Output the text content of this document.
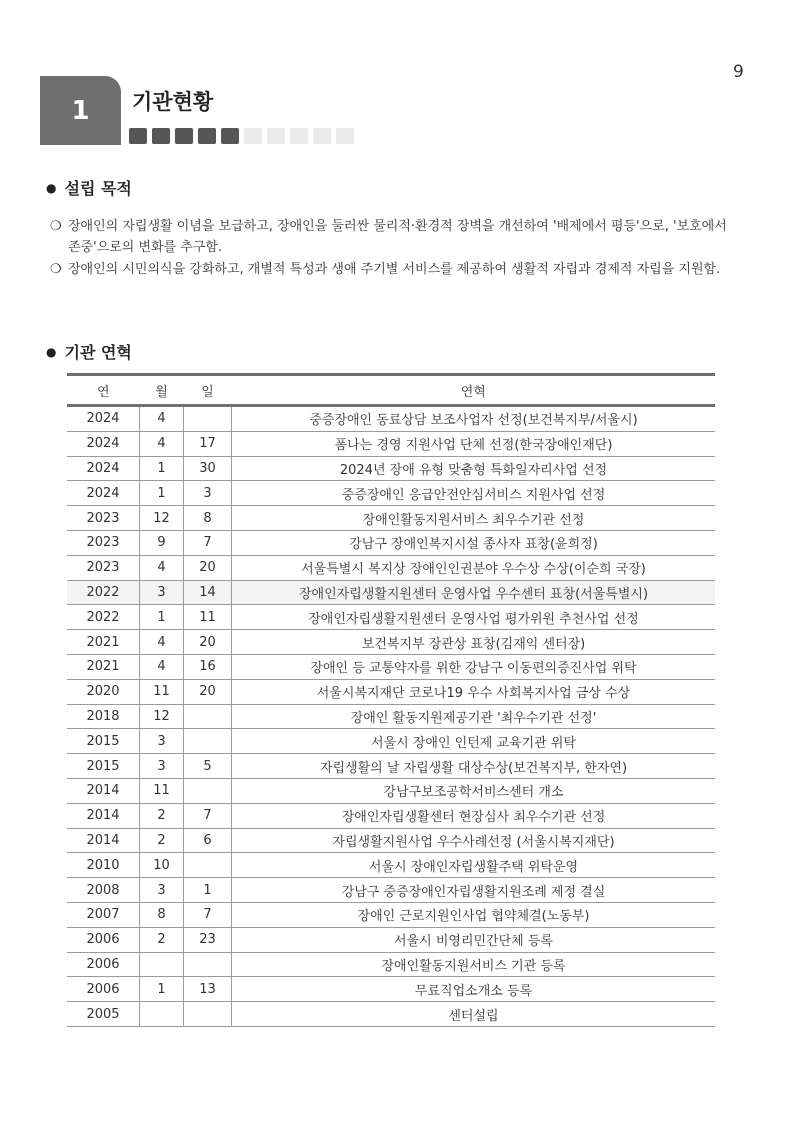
9
1	기관현황
● 설립 목적
❍ 장애인의 자립생활 이념을 보급하고, 장애인을 둘러싼 물리적·환경적 장벽을 개선하여 '배제에서 평등'으로, '보호에서 존중'으로의 변화를 추구함.
❍ 장애인의 시민의식을 강화하고, 개별적 특성과 생애 주기별 서비스를 제공하여 생활적 자립과 경제적 자립을 지원함.
● 기관 연혁
연	월	일	연혁
2024	4		중증장애인 동료상담 보조사업자 선정(보건복지부/서울시)
2024	4	17	폼나는 경영 지원사업 단체 선정(한국장애인재단)
2024	1	30	2024년 장애 유형 맞춤형 특화일자리사업 선정
2024	1	3	중증장애인 응급안전안심서비스 지원사업 선정
2023	12	8	장애인활동지원서비스 최우수기관 선정
2023	9	7	강남구 장애인복지시설 종사자 표창(윤희정)
2023	4	20	서울특별시 복지상 장애인인권분야 우수상 수상(이순희 국장)
2022	3	14	장애인자립생활지원센터 운영사업 우수센터 표창(서울특별시)
2022	1	11	장애인자립생활지원센터 운영사업 평가위원 추천사업 선정
2021	4	20	보건복지부 장관상 표창(김재익 센터장)
2021	4	16	장애인 등 교통약자를 위한 강남구 이동편의증진사업 위탁
2020	11	20	서울시복지재단 코로나19 우수 사회복지사업 금상 수상
2018	12		장애인 활동지원제공기관 '최우수기관 선정'
2015	3		서울시 장애인 인턴제 교육기관 위탁
2015	3	5	자립생활의 날 자립생활 대상수상(보건복지부, 한자연)
2014	11		강남구보조공학서비스센터 개소
2014	2	7	장애인자립생활센터 현장심사 최우수기관 선정
2014	2	6	자립생활지원사업 우수사례선정 (서울시복지재단)
2010	10		서울시 장애인자립생활주택 위탁운영
2008	3	1	강남구 중증장애인자립생활지원조례 제정 결실
2007	8	7	장애인 근로지원인사업 협약체결(노동부)
2006	2	23	서울시 비영리민간단체 등록
2006			장애인활동지원서비스 기관 등록
2006	1	13	무료직업소개소 등록
2005			센터설립
